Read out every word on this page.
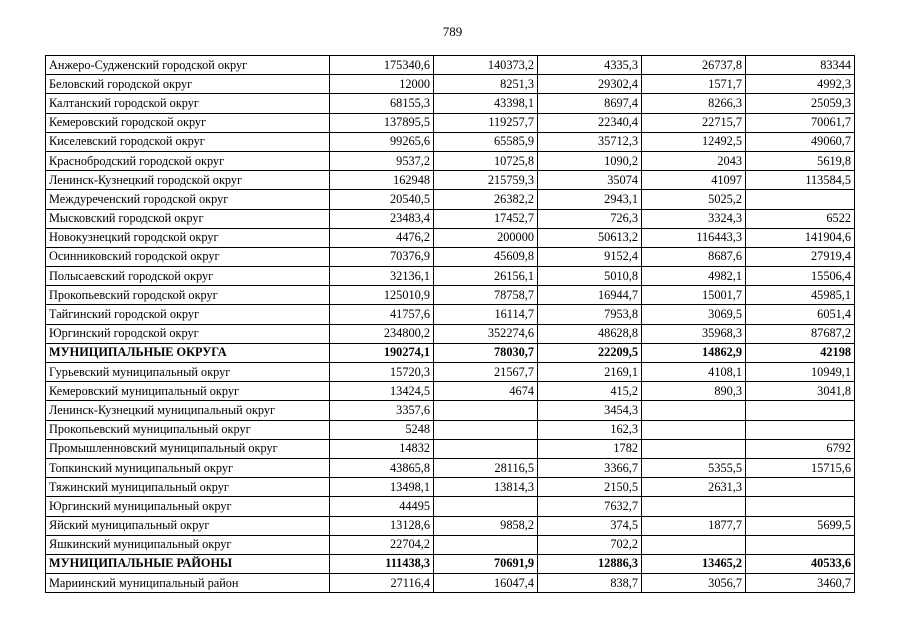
789
Анжеро-Судженский городской округ	175340,6	140373,2	4335,3	26737,8	83344
Беловский городской округ	12000	8251,3	29302,4	1571,7	4992,3
Калтанский городской округ	68155,3	43398,1	8697,4	8266,3	25059,3
Кемеровский городской округ	137895,5	119257,7	22340,4	22715,7	70061,7
Киселевский городской округ	99265,6	65585,9	35712,3	12492,5	49060,7
Краснобродский городской округ	9537,2	10725,8	1090,2	2043	5619,8
Ленинск-Кузнецкий городской округ	162948	215759,3	35074	41097	113584,5
Междуреченский городской округ	20540,5	26382,2	2943,1	5025,2	
Мысковский городской округ	23483,4	17452,7	726,3	3324,3	6522
Новокузнецкий городской округ	4476,2	200000	50613,2	116443,3	141904,6
Осинниковский городской округ	70376,9	45609,8	9152,4	8687,6	27919,4
Полысаевский городской округ	32136,1	26156,1	5010,8	4982,1	15506,4
Прокопьевский городской округ	125010,9	78758,7	16944,7	15001,7	45985,1
Тайгинский городской округ	41757,6	16114,7	7953,8	3069,5	6051,4
Юргинский городской округ	234800,2	352274,6	48628,8	35968,3	87687,2
МУНИЦИПАЛЬНЫЕ ОКРУГА	190274,1	78030,7	22209,5	14862,9	42198
Гурьевский муниципальный округ	15720,3	21567,7	2169,1	4108,1	10949,1
Кемеровский муниципальный округ	13424,5	4674	415,2	890,3	3041,8
Ленинск-Кузнецкий муниципальный округ	3357,6		3454,3		
Прокопьевский муниципальный округ	5248		162,3		
Промышленновский муниципальный округ	14832		1782		6792
Топкинский муниципальный округ	43865,8	28116,5	3366,7	5355,5	15715,6
Тяжинский муниципальный округ	13498,1	13814,3	2150,5	2631,3	
Юргинский муниципальный округ	44495		7632,7		
Яйский муниципальный округ	13128,6	9858,2	374,5	1877,7	5699,5
Яшкинский муниципальный округ	22704,2		702,2		
МУНИЦИПАЛЬНЫЕ РАЙОНЫ	111438,3	70691,9	12886,3	13465,2	40533,6
Мариинский муниципальный район	27116,4	16047,4	838,7	3056,7	3460,7
